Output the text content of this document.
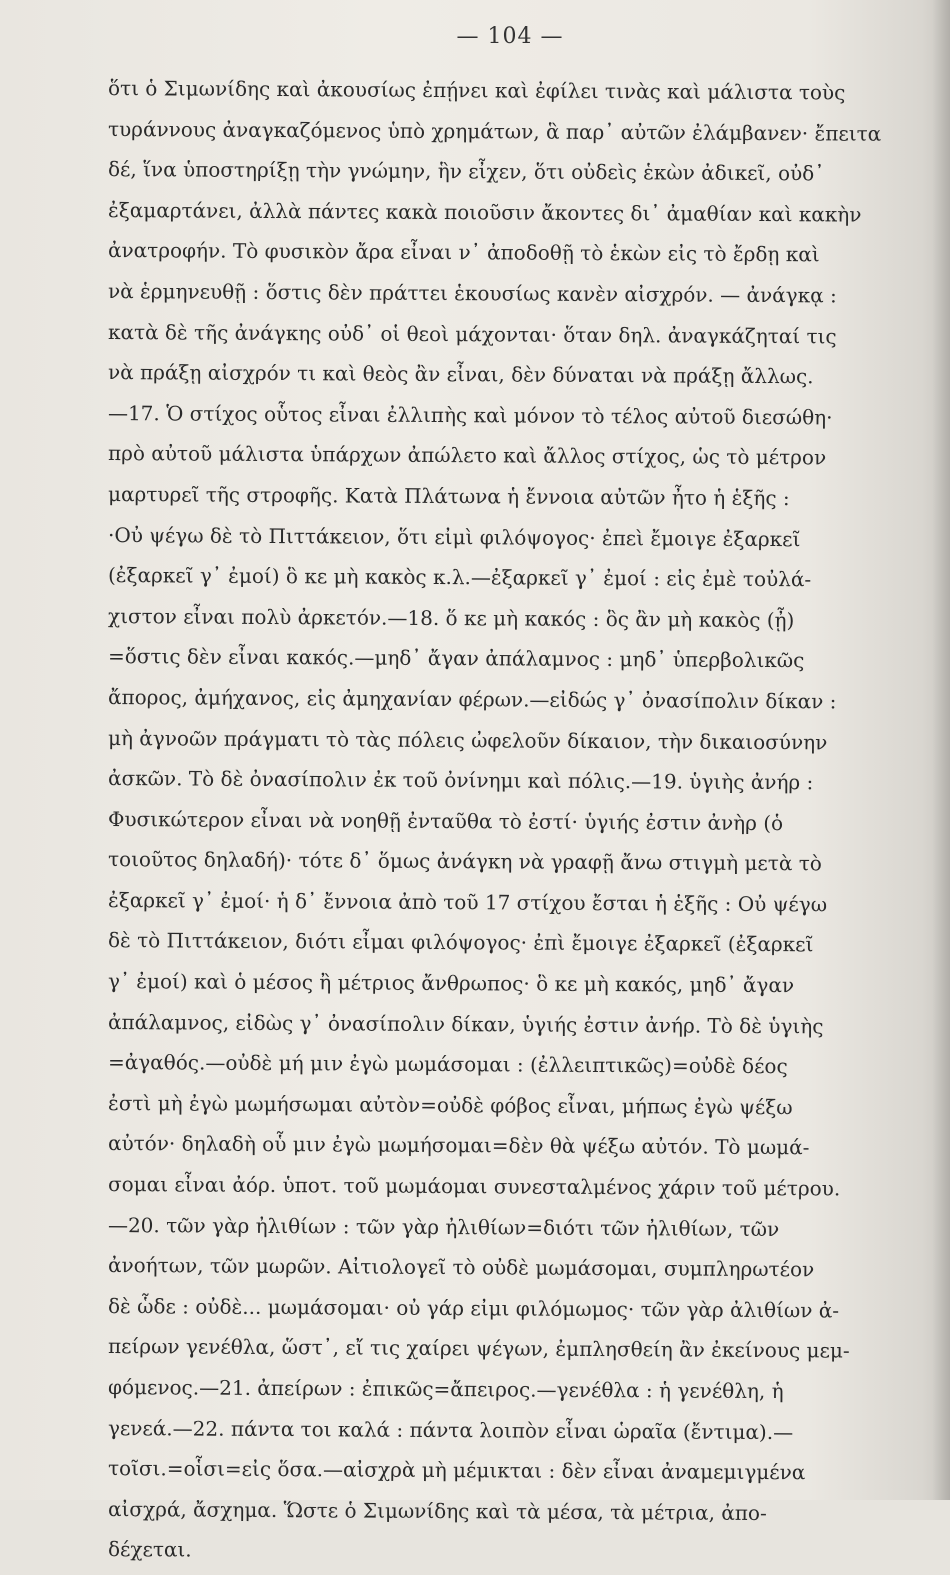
— 104 —
ὅτι ὁ Σιμωνίδης καὶ ἀκουσίως ἐπῄνει καὶ ἐφίλει τινὰς καὶ μάλιστα τοὺς
τυράννους ἀναγκαζόμενος ὑπὸ χρημάτων, ἃ παρ᾽ αὐτῶν ἐλάμβανεν· ἔπειτα
δέ, ἵνα ὑποστηρίξῃ τὴν γνώμην, ἣν εἶχεν, ὅτι οὐδεὶς ἑκὼν ἀδικεῖ, οὐδ᾽
ἐξαμαρτάνει, ἀλλὰ πάντες κακὰ ποιοῦσιν ἄκοντες δι᾽ ἀμαθίαν καὶ κακὴν
ἀνατροφήν. Τὸ φυσικὸν ἄρα εἶναι ν᾽ ἀποδοθῇ τὸ ἑκὼν εἰς τὸ ἔρδῃ καὶ
νὰ ἑρμηνευθῇ : ὅστις δὲν πράττει ἑκουσίως κανὲν αἰσχρόν. — ἀνάγκᾳ :
κατὰ δὲ τῆς ἀνάγκης οὐδ᾽ οἱ θεοὶ μάχονται· ὅταν δηλ. ἀναγκάζηταί τις
νὰ πράξῃ αἰσχρόν τι καὶ θεὸς ἂν εἶναι, δὲν δύναται νὰ πράξῃ ἄλλως.
—17. Ὁ στίχος οὗτος εἶναι ἐλλιπὴς καὶ μόνον τὸ τέλος αὐτοῦ διεσώθη·
πρὸ αὐτοῦ μάλιστα ὑπάρχων ἀπώλετο καὶ ἄλλος στίχος, ὡς τὸ μέτρον
μαρτυρεῖ τῆς στροφῆς. Κατὰ Πλάτωνα ἡ ἔννοια αὐτῶν ἦτο ἡ ἑξῆς :
·Οὐ ψέγω δὲ τὸ Πιττάκειον, ὅτι εἰμὶ φιλόψογος· ἐπεὶ ἔμοιγε ἐξαρκεῖ
(ἐξαρκεῖ γ᾽ ἐμοί) ὃ κε μὴ κακὸς κ.λ.—ἐξαρκεῖ γ᾽ ἐμοί : εἰς ἐμὲ τοὐλά-
χιστον εἶναι πολὺ ἀρκετόν.—18. ὅ κε μὴ κακός : ὃς ἂν μὴ κακὸς (ᾖ)
=ὅστις δὲν εἶναι κακός.—μηδ᾽ ἄγαν ἀπάλαμνος : μηδ᾽ ὑπερβολικῶς
ἄπορος, ἀμήχανος, εἰς ἀμηχανίαν φέρων.—εἰδώς γ᾽ ὀνασίπολιν δίκαν :
μὴ ἀγνοῶν πράγματι τὸ τὰς πόλεις ὠφελοῦν δίκαιον, τὴν δικαιοσύνην
ἀσκῶν. Τὸ δὲ ὀνασίπολιν ἐκ τοῦ ὀνίνημι καὶ πόλις.—19. ὑγιὴς ἀνήρ :
Φυσικώτερον εἶναι νὰ νοηθῇ ἐνταῦθα τὸ ἐστί· ὑγιής ἐστιν ἀνὴρ (ὁ
τοιοῦτος δηλαδή)· τότε δ᾽ ὅμως ἀνάγκη νὰ γραφῇ ἄνω στιγμὴ μετὰ τὸ
ἐξαρκεῖ γ᾽ ἐμοί· ἡ δ᾽ ἔννοια ἀπὸ τοῦ 17 στίχου ἔσται ἡ ἑξῆς : Οὐ ψέγω
δὲ τὸ Πιττάκειον, διότι εἶμαι φιλόψογος· ἐπὶ ἔμοιγε ἐξαρκεῖ (ἐξαρκεῖ
γ᾽ ἐμοί) καὶ ὁ μέσος ἢ μέτριος ἄνθρωπος· ὃ κε μὴ κακός, μηδ᾽ ἄγαν
ἀπάλαμνος, εἰδὼς γ᾽ ὀνασίπολιν δίκαν, ὑγιής ἐστιν ἀνήρ. Τὸ δὲ ὑγιὴς
=ἀγαθός.—οὐδὲ μή μιν ἐγὼ μωμάσομαι : (ἐλλειπτικῶς)=οὐδὲ δέος
ἐστὶ μὴ ἐγὼ μωμήσωμαι αὐτὸν=οὐδὲ φόβος εἶναι, μήπως ἐγὼ ψέξω
αὐτόν· δηλαδὴ οὗ μιν ἐγὼ μωμήσομαι=δὲν θὰ ψέξω αὐτόν. Τὸ μωμά-
σομαι εἶναι ἀόρ. ὑποτ. τοῦ μωμάομαι συνεσταλμένος χάριν τοῦ μέτρου.
—20. τῶν γὰρ ἠλιθίων : τῶν γὰρ ἠλιθίων=διότι τῶν ἠλιθίων, τῶν
ἀνοήτων, τῶν μωρῶν. Αἰτιολογεῖ τὸ οὐδὲ μωμάσομαι, συμπληρωτέον
δὲ ὧδε : οὐδὲ... μωμάσομαι· οὐ γάρ εἰμι φιλόμωμος· τῶν γὰρ ἀλιθίων ἀ-
πείρων γενέθλα, ὥστ᾽, εἴ τις χαίρει ψέγων, ἐμπλησθείη ἂν ἐκείνους μεμ-
φόμενος.—21. ἀπείρων : ἐπικῶς=ἄπειρος.—γενέθλα : ἡ γενέθλη, ἡ
γενεά.—22. πάντα τοι καλά : πάντα λοιπὸν εἶναι ὡραῖα (ἔντιμα).—
τοῖσι.=οἷσι=εἰς ὅσα.—αἰσχρὰ μὴ μέμικται : δὲν εἶναι ἀναμεμιγμένα
αἰσχρά, ἄσχημα. Ὥστε ὁ Σιμωνίδης καὶ τὰ μέσα, τὰ μέτρια, ἀπο-
δέχεται.
